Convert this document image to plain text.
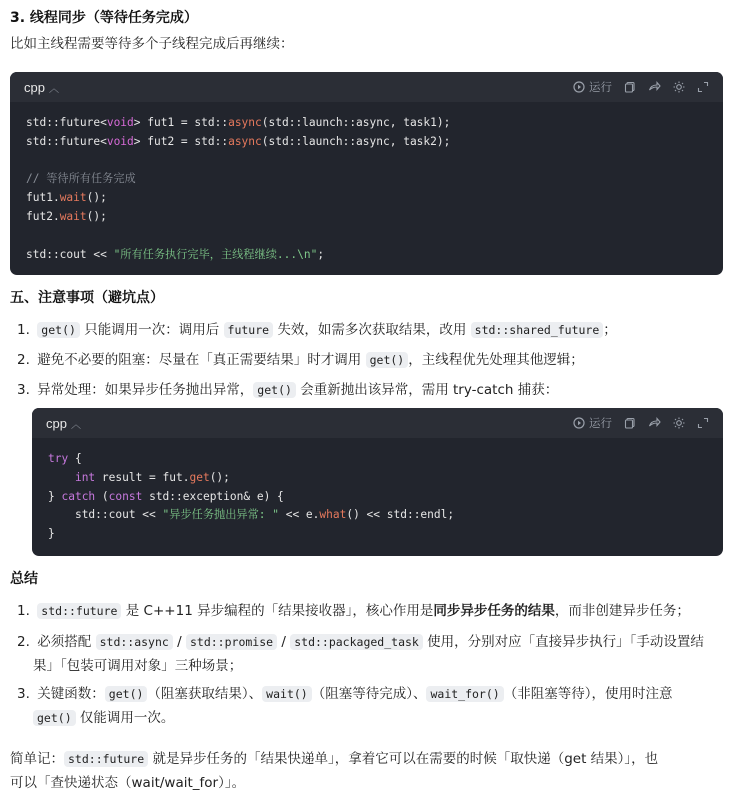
3. 线程同步（等待任务完成）
比如主线程需要等待多个子线程完成后再继续：
cpp ︿	运行
std::future<void> fut1 = std::async(std::launch::async, task1);
std::future<void> fut2 = std::async(std::launch::async, task2);

// 等待所有任务完成
fut1.wait();
fut2.wait();

std::cout << "所有任务执行完毕，主线程继续...\n";
五、注意事项（避坑点）
1. get() 只能调用一次：调用后 future 失效，如需多次获取结果，改用 std::shared_future ；
2. 避免不必要的阻塞：尽量在「真正需要结果」时才调用 get() ，主线程优先处理其他逻辑；
3. 异常处理：如果异步任务抛出异常， get() 会重新抛出该异常，需用 try-catch 捕获：
cpp ︿	运行
try {
int result = fut.get();
} catch (const std::exception& e) {
std::cout << "异步任务抛出异常: " << e.what() << std::endl;
}
总结
1. std::future 是 C++11 异步编程的「结果接收器」，核心作用是同步异步任务的结果，而非创建异步任务；
2. 必须搭配 std::async / std::promise / std::packaged_task 使用，分别对应「直接异步执行」「手动设置结
果」「包装可调用对象」三种场景；
3. 关键函数： get() （阻塞获取结果）、 wait() （阻塞等待完成）、 wait_for() （非阻塞等待），使用时注意
get() 仅能调用一次。
简单记： std::future 就是异步任务的「结果快递单」，拿着它可以在需要的时候「取快递（get 结果）」，也
可以「查快递状态（wait/wait_for）」。
